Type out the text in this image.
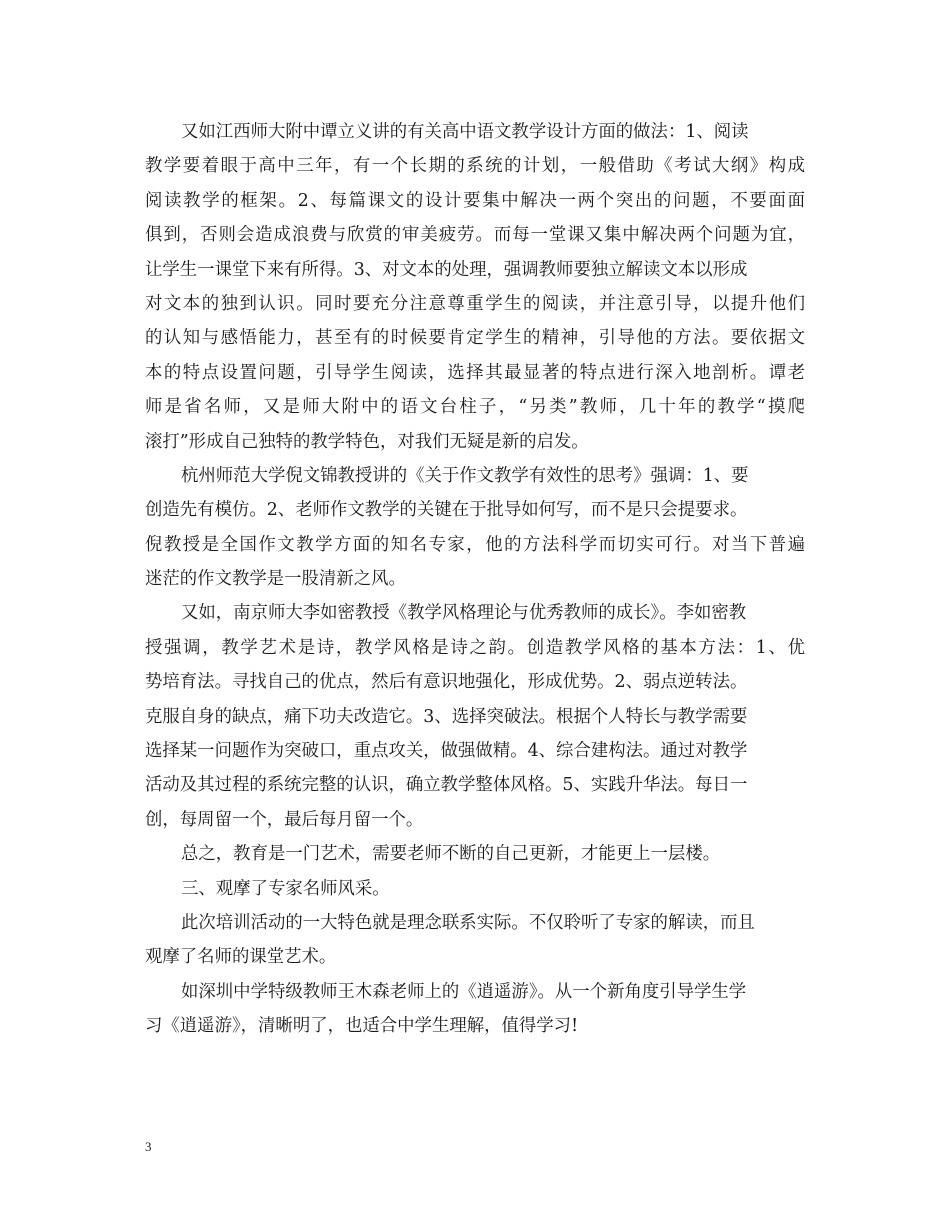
又如江西师大附中谭立义讲的有关高中语文教学设计方面的做法：1、阅读
教学要着眼于高中三年，有一个长期的系统的计划，一般借助《考试大纲》构成
阅读教学的框架。2、每篇课文的设计要集中解决一两个突出的问题，不要面面
俱到，否则会造成浪费与欣赏的审美疲劳。而每一堂课又集中解决两个问题为宜，
让学生一课堂下来有所得。3、对文本的处理，强调教师要独立解读文本以形成
对文本的独到认识。同时要充分注意尊重学生的阅读，并注意引导，以提升他们
的认知与感悟能力，甚至有的时候要肯定学生的精神，引导他的方法。要依据文
本的特点设置问题，引导学生阅读，选择其最显著的特点进行深入地剖析。谭老
师是省名师，又是师大附中的语文台柱子，“另类”教师，几十年的教学“摸爬
滚打”形成自己独特的教学特色，对我们无疑是新的启发。
杭州师范大学倪文锦教授讲的《关于作文教学有效性的思考》强调：1、要
创造先有模仿。2、老师作文教学的关键在于批导如何写，而不是只会提要求。
倪教授是全国作文教学方面的知名专家，他的方法科学而切实可行。对当下普遍
迷茫的作文教学是一股清新之风。
又如，南京师大李如密教授《教学风格理论与优秀教师的成长》。李如密教
授强调，教学艺术是诗，教学风格是诗之韵。创造教学风格的基本方法：1、优
势培育法。寻找自己的优点，然后有意识地强化，形成优势。2、弱点逆转法。
克服自身的缺点，痛下功夫改造它。3、选择突破法。根据个人特长与教学需要
选择某一问题作为突破口，重点攻关，做强做精。4、综合建构法。通过对教学
活动及其过程的系统完整的认识，确立教学整体风格。5、实践升华法。每日一
创，每周留一个，最后每月留一个。
总之，教育是一门艺术，需要老师不断的自己更新，才能更上一层楼。
三、观摩了专家名师风采。
此次培训活动的一大特色就是理念联系实际。不仅聆听了专家的解读，而且
观摩了名师的课堂艺术。
如深圳中学特级教师王木森老师上的《逍遥游》。从一个新角度引导学生学
习《逍遥游》，清晰明了，也适合中学生理解，值得学习!
3
